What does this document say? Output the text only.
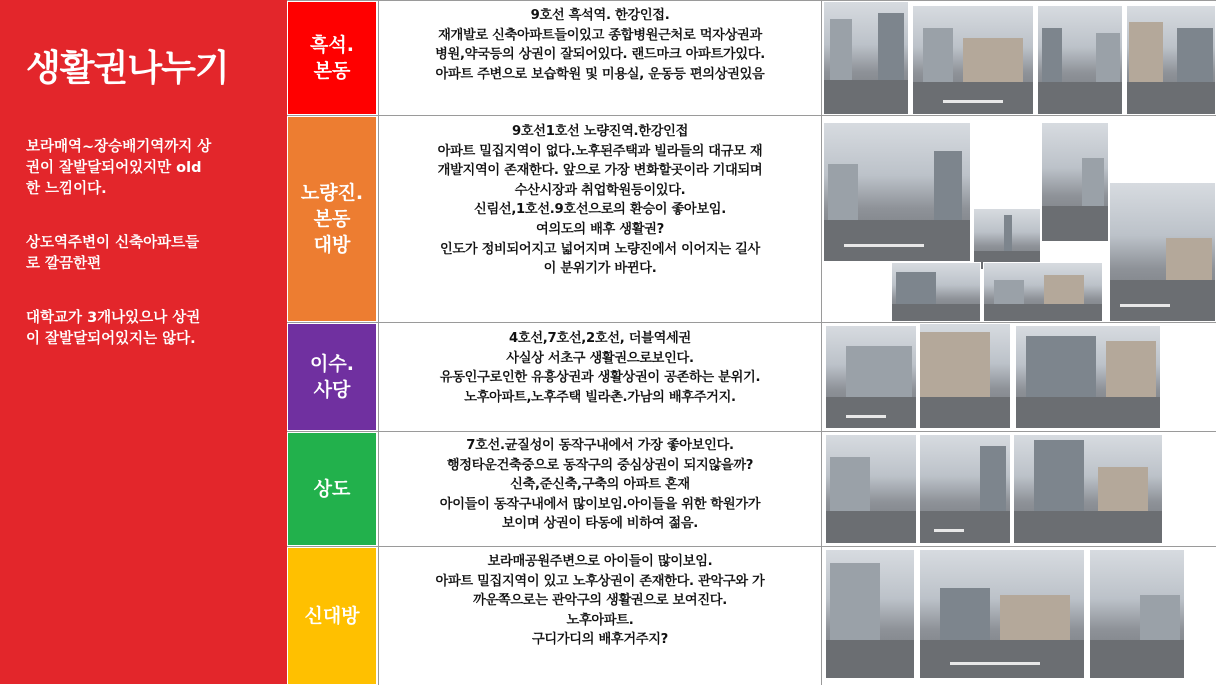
생활권나누기
보라매역~장승배기역까지 상
권이 잘발달되어있지만 old
한 느낌이다.
상도역주변이 신축아파트들
로 깔끔한편
대학교가 3개나있으나 상권
이 잘발달되어있지는 않다.
흑석.
본동
9호선 흑석역. 한강인접.
재개발로 신축아파트들이있고 종합병원근처로 먹자상권과
병원,약국등의 상권이 잘되어있다. 랜드마크 아파트가있다.
아파트 주변으로 보습학원 및 미용실, 운동등 편의상권있음
노량진.
본동
대방
9호선1호선 노량진역.한강인접
아파트 밀집지역이 없다.노후된주택과 빌라들의 대규모 재
개발지역이 존재한다. 앞으로 가장 변화할곳이라 기대되며
수산시장과 취업학원등이있다.
신림선,1호선.9호선으로의 환승이 좋아보임.
여의도의 배후 생활권?
인도가 정비되어지고 넓어지며 노량진에서 이어지는 길사
이 분위기가 바뀐다.
이수.
사당
4호선,7호선,2호선, 더블역세권
사실상 서초구 생활권으로보인다.
유동인구로인한 유흥상권과 생활상권이 공존하는 분위기.
노후아파트,노후주택 빌라촌.가남의 배후주거지.
상도
7호선.균질성이 동작구내에서 가장 좋아보인다.
행정타운건축중으로 동작구의 중심상권이 되지않을까?
신축,준신축,구축의 아파트 혼재
아이들이 동작구내에서 많이보임.아이들을 위한 학원가가
보이며 상권이 타동에 비하여 젊음.
신대방
보라매공원주변으로 아이들이 많이보임.
아파트 밀집지역이 있고 노후상권이 존재한다. 관악구와 가
까운쪽으로는 관악구의 생활권으로 보여진다.
노후아파트.
구디가디의 배후거주지?
